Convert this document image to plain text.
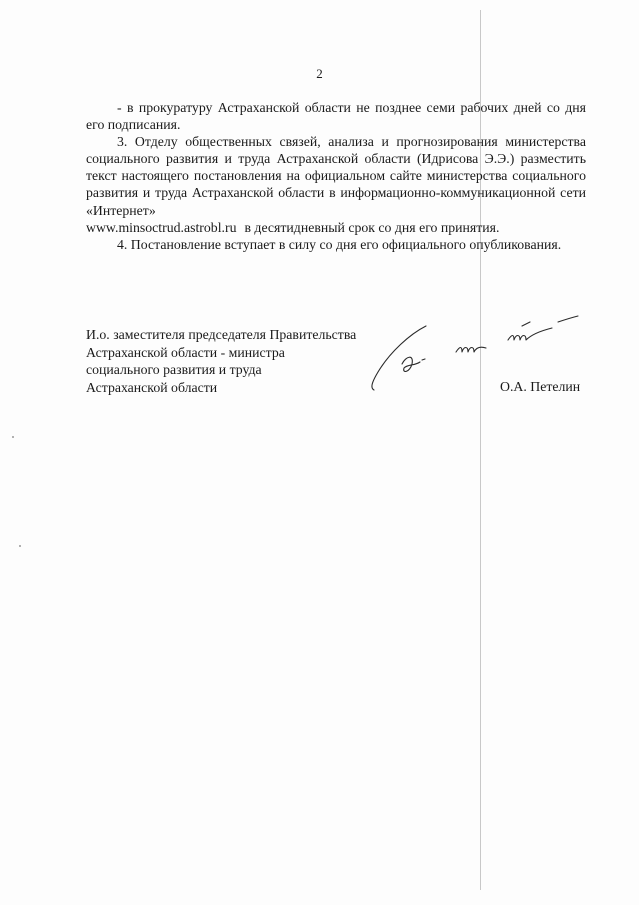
2

- в прокуратуру Астраханской области не позднее семи рабочих дней со дня его подписания.

3. Отделу общественных связей, анализа и прогнозирования министерства социального развития и труда Астраханской области (Идрисова Э.Э.) разместить текст настоящего постановления на официальном сайте министерства социального развития и труда Астраханской области в информационно-коммуникационной сети «Интернет»

www.minsoctrud.astrobl.ru в десятидневный срок со дня его принятия.

4. Постановление вступает в силу со дня его официального опубликования.

И.о. заместителя председателя Правительства
Астраханской области - министра
социального развития и труда
Астраханской области	О.А. Петелин
